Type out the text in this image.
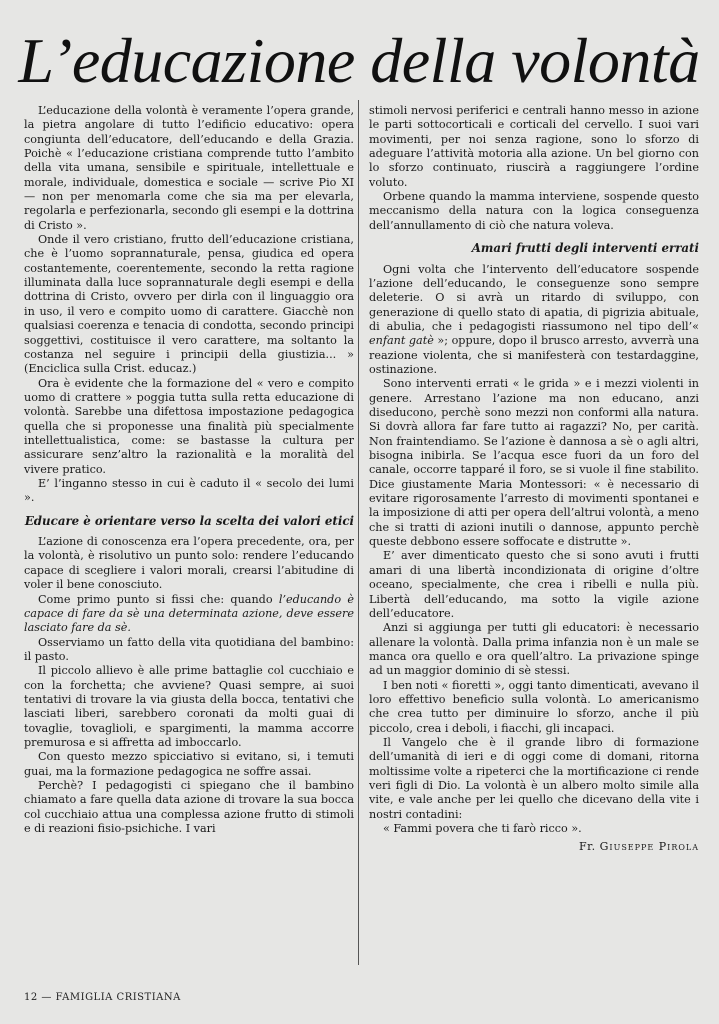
L’educazione della volontà

L’educazione della volontà è veramente l’opera grande, la pietra angolare di tutto l’edificio educativo: opera congiunta dell’educatore, dell’educando e della Grazia. Poichè « l’educazione cristiana comprende tutto l’ambito della vita umana, sensibile e spirituale, intellettuale e morale, individuale, domestica e sociale — scrive Pio XI — non per menomarla come che sia ma per elevarla, regolarla e perfezionarla, secondo gli esempi e la dottrina di Cristo ».

Onde il vero cristiano, frutto dell’educazione cristiana, che è l’uomo soprannaturale, pensa, giudica ed opera costantemente, coerentemente, secondo la retta ragione illuminata dalla luce soprannaturale degli esempi e della dottrina di Cristo, ovvero per dirla con il linguaggio ora in uso, il vero e compito uomo di carattere. Giacchè non qualsiasi coerenza e tenacia di condotta, secondo principi soggettivi, costituisce il vero carattere, ma soltanto la costanza nel seguire i principii della giustizia... » (Enciclica sulla Crist. educaz.)

Ora è evidente che la formazione del « vero e compito uomo di crattere » poggia tutta sulla retta educazione di volontà. Sarebbe una difettosa impostazione pedagogica quella che si proponesse una finalità più specialmente intellettualistica, come: se bastasse la cultura per assicurare senz’altro la razionalità e la moralità del vivere pratico.

E’ l’inganno stesso in cui è caduto il « secolo dei lumi ».

Educare è orientare verso la scelta dei valori etici

L’azione di conoscenza era l’opera precedente, ora, per la volontà, è risolutivo un punto solo: rendere l’educando capace di scegliere i valori morali, crearsi l’abitudine di voler il bene conosciuto.

Come primo punto si fissi che: quando l’educando è capace di fare da sè una determinata azione, deve essere lasciato fare da sè.

Osserviamo un fatto della vita quotidiana del bambino: il pasto.

Il piccolo allievo è alle prime battaglie col cucchiaio e con la forchetta; che avviene? Quasi sempre, ai suoi tentativi di trovare la via giusta della bocca, tentativi che lasciati liberi, sarebbero coronati da molti guai di tovaglie, tovaglioli, e spargimenti, la mamma accorre premurosa e si affretta ad imboccarlo.

Con questo mezzo spicciativo si evitano, si, i temuti guai, ma la formazione pedagogica ne soffre assai.

Perchè? I pedagogisti ci spiegano che il bambino chiamato a fare quella data azione di trovare la sua bocca col cucchiaio attua una complessa azione frutto di stimoli e di reazioni fisio-psichiche. I vari

stimoli nervosi periferici e centrali hanno messo in azione le parti sottocorticali e corticali del cervello. I suoi vari movimenti, per noi senza ragione, sono lo sforzo di adeguare l’attività motoria alla azione. Un bel giorno con lo sforzo continuato, riuscirà a raggiungere l’ordine voluto.

Orbene quando la mamma interviene, sospende questo meccanismo della natura con la logica conseguenza dell’annullamento di ciò che natura voleva.

Amari frutti degli interventi errati

Ogni volta che l’intervento dell’educatore sospende l’azione dell’educando, le conseguenze sono sempre deleterie. O si avrà un ritardo di sviluppo, con generazione di quello stato di apatia, di pigrizia abituale, di abulia, che i pedagogisti riassumono nel tipo dell’« enfant gatè »; oppure, dopo il brusco arresto, avverrà una reazione violenta, che si manifesterà con testardaggine, ostinazione.

Sono interventi errati « le grida » e i mezzi violenti in genere. Arrestano l’azione ma non educano, anzi diseducono, perchè sono mezzi non conformi alla natura. Si dovrà allora far fare tutto ai ragazzi? No, per carità. Non fraintendiamo. Se l’azione è dannosa a sè o agli altri, bisogna inibirla. Se l’acqua esce fuori da un foro del canale, occorre tapparé il foro, se si vuole il fine stabilito. Dice giustamente Maria Montessori: « è necessario di evitare rigorosamente l’arresto di movimenti spontanei e la imposizione di atti per opera dell’altrui volontà, a meno che si tratti di azioni inutili o dannose, appunto perchè queste debbono essere soffocate e distrutte ».

E’ aver dimenticato questo che si sono avuti i frutti amari di una libertà incondizionata di origine d’oltre oceano, specialmente, che crea i ribelli e nulla più. Libertà dell’educando, ma sotto la vigile azione dell’educatore.

Anzi si aggiunga per tutti gli educatori: è necessario allenare la volontà. Dalla prima infanzia non è un male se manca ora quello e ora quell’altro. La privazione spinge ad un maggior dominio di sè stessi.

I ben noti « fioretti », oggi tanto dimenticati, avevano il loro effettivo beneficio sulla volontà. Lo americanismo che crea tutto per diminuire lo sforzo, anche il più piccolo, crea i deboli, i fiacchi, gli incapaci.

Il Vangelo che è il grande libro di formazione dell’umanità di ieri e di oggi come di domani, ritorna moltissime volte a ripeterci che la mortificazione ci rende veri figli di Dio. La volontà è un albero molto simile alla vite, e vale anche per lei quello che dicevano della vite i nostri contadini:

« Fammi povera che ti farò ricco ».

Fr. Giuseppe Pirola
12 — FAMIGLIA CRISTIANA
